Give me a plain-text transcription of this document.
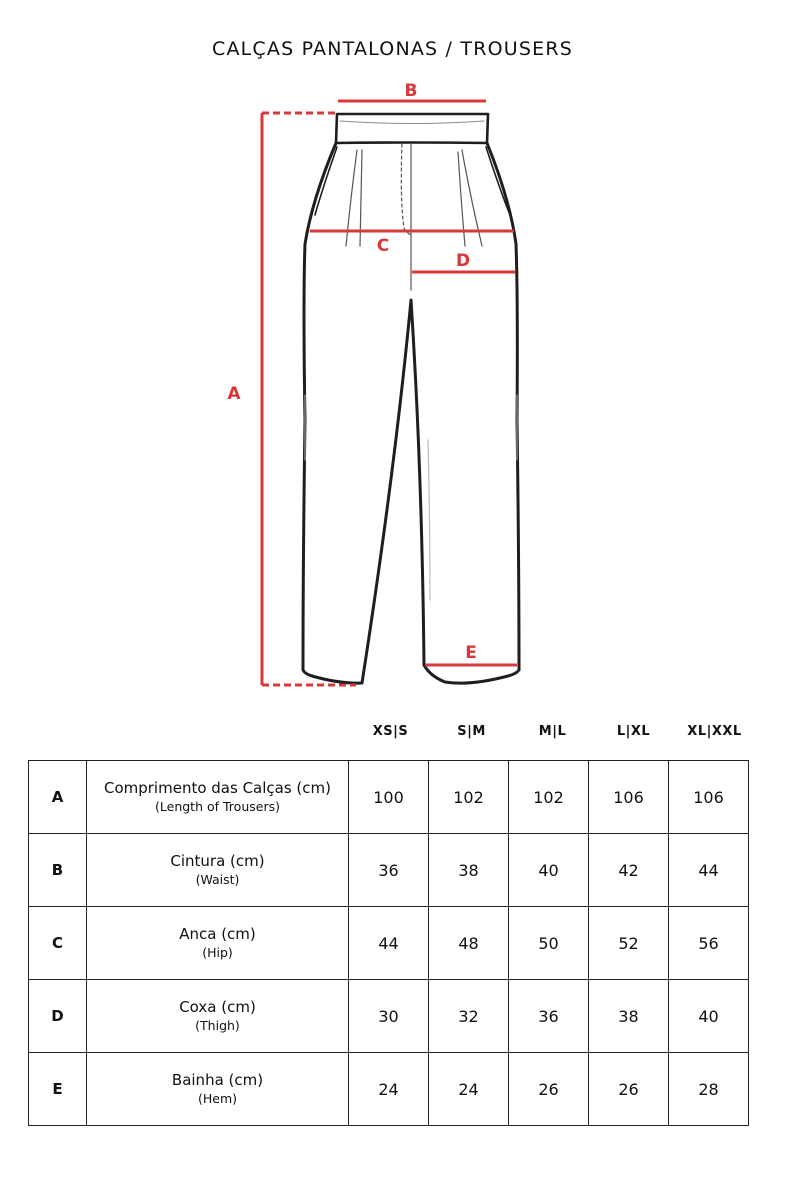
CALÇAS PANTALONAS / TROUSERS
B
C
D
A
E
XS|S	S|M	M|L	L|XL	XL|XXL
A	Comprimento das Calças (cm)
(Length of Trousers)	100	102	102	106	106
B	Cintura (cm)
(Waist)	36	38	40	42	44
C	Anca (cm)
(Hip)	44	48	50	52	56
D	Coxa (cm)
(Thigh)	30	32	36	38	40
E	Bainha (cm)
(Hem)	24	24	26	26	28
